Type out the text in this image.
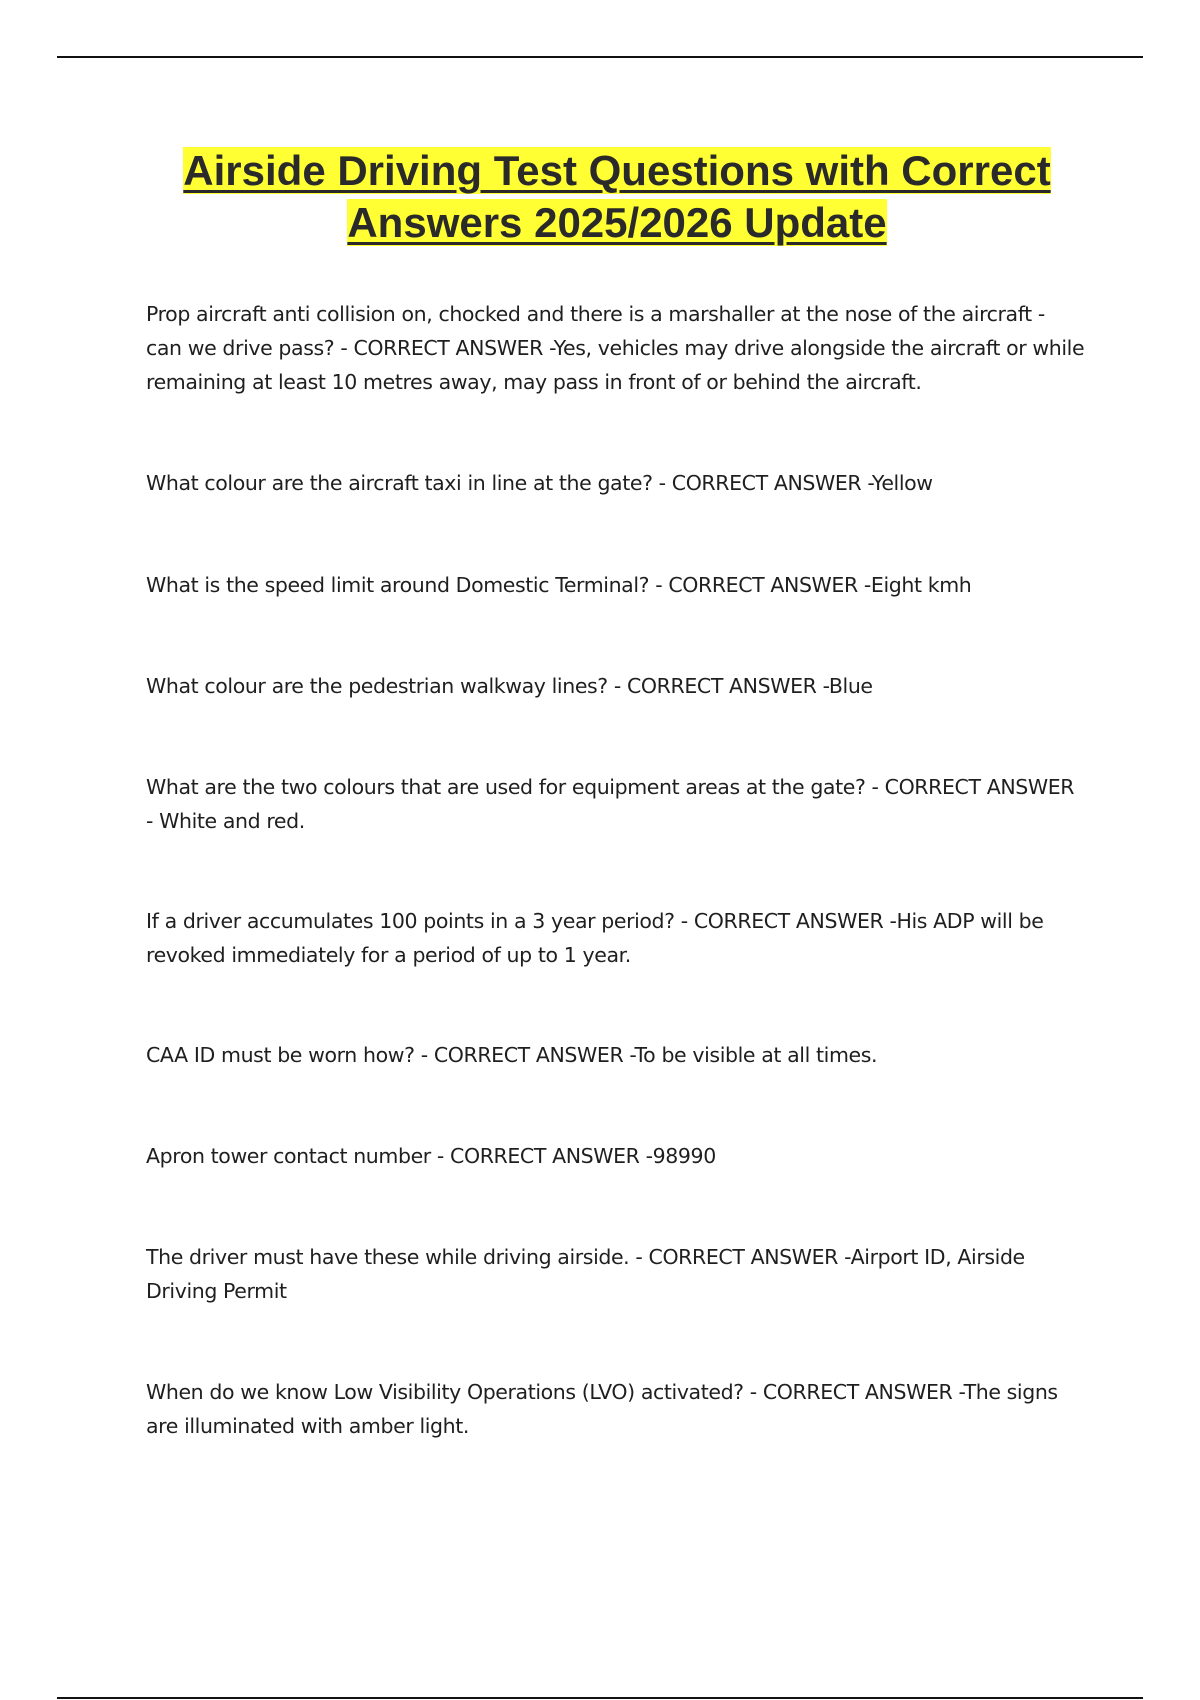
Airside Driving Test Questions with Correct Answers 2025/2026 Update

Prop aircraft anti collision on, chocked and there is a marshaller at the nose of the aircraft - can we drive pass? - CORRECT ANSWER -Yes, vehicles may drive alongside the aircraft or while remaining at least 10 metres away, may pass in front of or behind the aircraft.

What colour are the aircraft taxi in line at the gate? - CORRECT ANSWER -Yellow

What is the speed limit around Domestic Terminal? - CORRECT ANSWER -Eight kmh

What colour are the pedestrian walkway lines? - CORRECT ANSWER -Blue

What are the two colours that are used for equipment areas at the gate? - CORRECT ANSWER - White and red.

If a driver accumulates 100 points in a 3 year period? - CORRECT ANSWER -His ADP will be revoked immediately for a period of up to 1 year.

CAA ID must be worn how? - CORRECT ANSWER -To be visible at all times.

Apron tower contact number - CORRECT ANSWER -98990

The driver must have these while driving airside. - CORRECT ANSWER -Airport ID, Airside Driving Permit

When do we know Low Visibility Operations (LVO) activated? - CORRECT ANSWER -The signs are illuminated with amber light.
